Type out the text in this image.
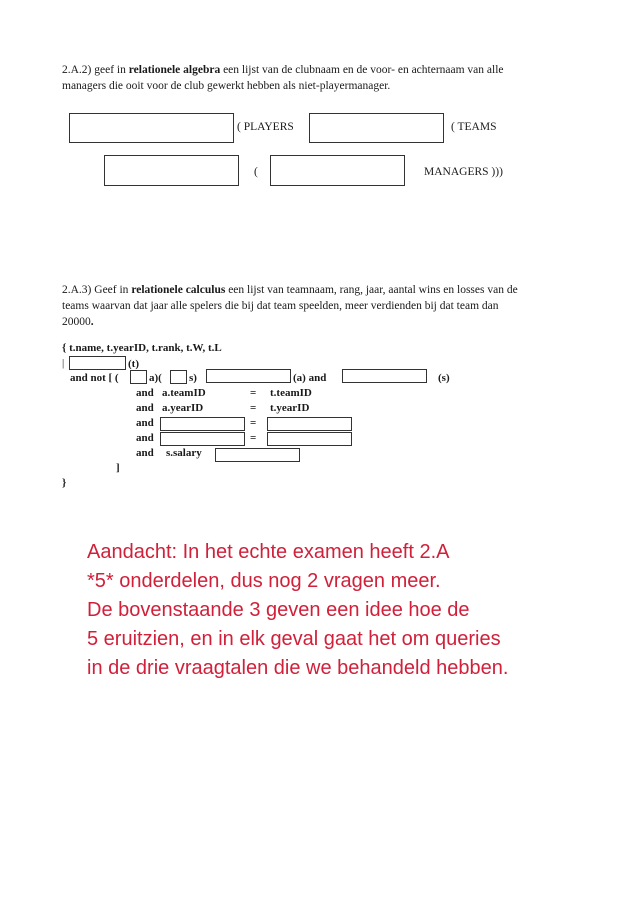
2.A.2) geef in relationele algebra een lijst van de clubnaam en de voor- en achternaam van alle
managers die ooit voor de club gewerkt hebben als niet-playermanager.
( PLAYERS	( TEAMS
(	MANAGERS )))
2.A.3) Geef in relationele calculus een lijst van teamnaam, rang, jaar, aantal wins en losses van de
teams waarvan dat jaar alle spelers die bij dat team speelden, meer verdienden bij dat team dan
20000.
{ t.name, t.yearID, t.rank, t.W, t.L
|	(t)
and not [ (	a)( s)	(a) and	(s)
and a.teamID	= t.teamID
and a.yearID	= t.yearID
and	=
and	=
and s.salary
]
}
Aandacht: In het echte examen heeft 2.A
*5* onderdelen, dus nog 2 vragen meer.
De bovenstaande 3 geven een idee hoe de
5 eruitzien, en in elk geval gaat het om queries
in de drie vraagtalen die we behandeld hebben.
